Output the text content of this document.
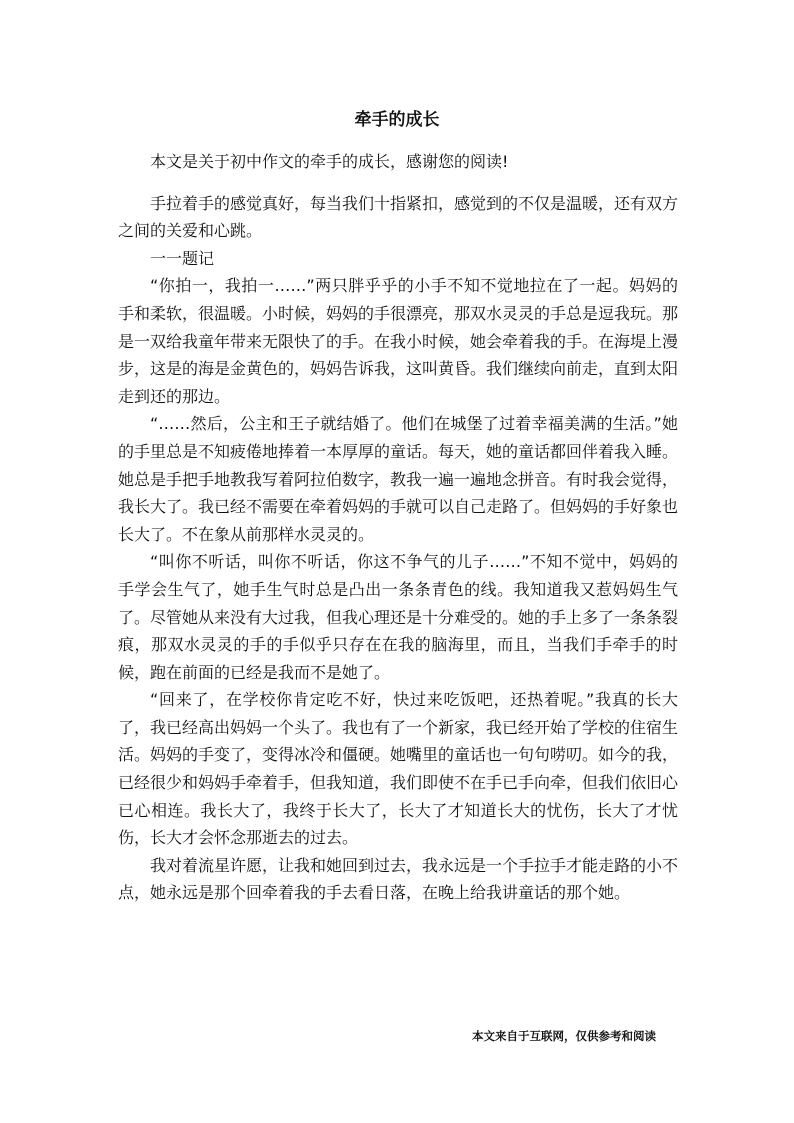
牵手的成长

本文是关于初中作文的牵手的成长，感谢您的阅读!

手拉着手的感觉真好，每当我们十指紧扣，感觉到的不仅是温暖，还有双方之间的关爱和心跳。

一一题记

“你拍一，我拍一……”两只胖乎乎的小手不知不觉地拉在了一起。妈妈的手和柔软，很温暖。小时候，妈妈的手很漂亮，那双水灵灵的手总是逗我玩。那是一双给我童年带来无限快了的手。在我小时候，她会牵着我的手。在海堤上漫步，这是的海是金黄色的，妈妈告诉我，这叫黄昏。我们继续向前走，直到太阳走到还的那边。

“……然后，公主和王子就结婚了。他们在城堡了过着幸福美满的生活。”她的手里总是不知疲倦地捧着一本厚厚的童话。每天，她的童话都回伴着我入睡。她总是手把手地教我写着阿拉伯数字，教我一遍一遍地念拼音。有时我会觉得，我长大了。我已经不需要在牵着妈妈的手就可以自己走路了。但妈妈的手好象也长大了。不在象从前那样水灵灵的。

“叫你不听话，叫你不听话，你这不争气的儿子……”不知不觉中，妈妈的手学会生气了，她手生气时总是凸出一条条青色的线。我知道我又惹妈妈生气了。尽管她从来没有大过我，但我心理还是十分难受的。她的手上多了一条条裂痕，那双水灵灵的手的手似乎只存在在我的脑海里，而且，当我们手牵手的时候，跑在前面的已经是我而不是她了。

“回来了，在学校你肯定吃不好，快过来吃饭吧，还热着呢。”我真的长大了，我已经高出妈妈一个头了。我也有了一个新家，我已经开始了学校的住宿生活。妈妈的手变了，变得冰冷和僵硬。她嘴里的童话也一句句唠叨。如今的我，已经很少和妈妈手牵着手，但我知道，我们即使不在手已手向牵，但我们依旧心已心相连。我长大了，我终于长大了，长大了才知道长大的忧伤，长大了才忧伤，长大才会怀念那逝去的过去。

我对着流星许愿，让我和她回到过去，我永远是一个手拉手才能走路的小不点，她永远是那个回牵着我的手去看日落，在晚上给我讲童话的那个她。

本文来自于互联网，仅供参考和阅读
